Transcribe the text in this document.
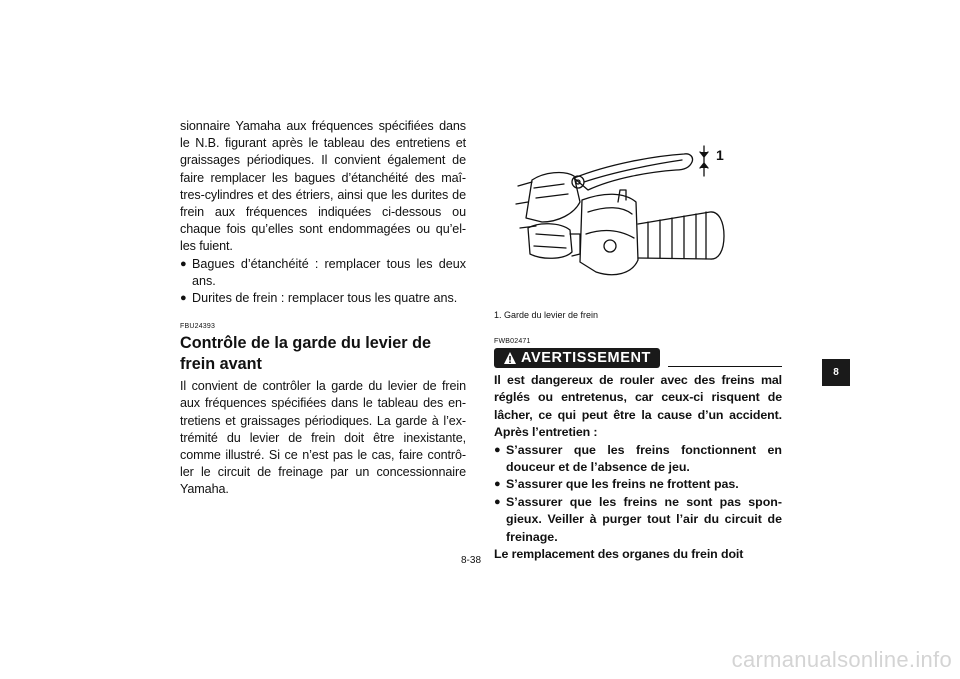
sionnaire Yamaha aux fréquences spécifiées dans le N.B. figurant après le tableau des entretiens et graissages périodiques. Il convient également de faire remplacer les bagues d’étanchéité des maî-tres-cylindres et des étriers, ainsi que les durites de frein aux fréquences indiquées ci-dessous ou chaque fois qu’elles sont endommagées ou qu’el-les fuient.

● Bagues d’étanchéité : remplacer tous les deux ans.
● Durites de frein : remplacer tous les quatre ans.
FBU24393
Contrôle de la garde du levier de frein avant

Il convient de contrôler la garde du levier de frein aux fréquences spécifiées dans le tableau des en-tretiens et graissages périodiques. La garde à l’ex-trémité du levier de frein doit être inexistante, comme illustré. Si ce n’est pas le cas, faire contrô-ler le circuit de freinage par un concessionnaire Yamaha.

1
1. Garde du levier de frein
FWB02471
AVERTISSEMENT

Il est dangereux de rouler avec des freins mal réglés ou entretenus, car ceux-ci risquent de lâcher, ce qui peut être la cause d’un accident. Après l’entretien :

● S’assurer que les freins fonctionnent en douceur et de l’absence de jeu.
● S’assurer que les freins ne frottent pas.
● S’assurer que les freins ne sont pas spon-gieux. Veiller à purger tout l’air du circuit de freinage.

Le remplacement des organes du frein doit

8
8-38
carmanualsonline.info
